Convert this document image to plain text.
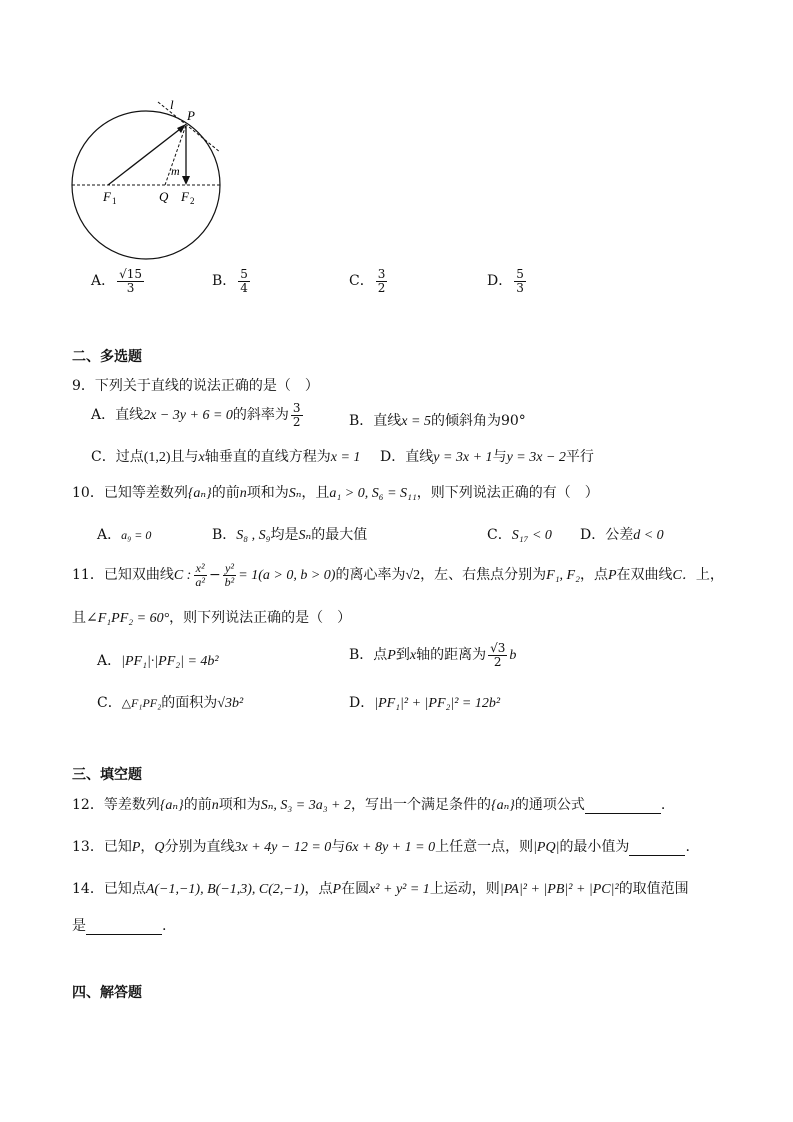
l
P
m
F 1	Q F 2
A． $\frac{√15}{3}$	B． $\frac{5}{4}$	C． $\frac{3}{2}$	D． $\frac{5}{3}$
二、多选题
9．下列关于直线的说法正确的是（　）
A．直线2x − 3y + 6 = 0的斜率为 $\frac{3}{2}$	B．直线x = 5的倾斜角为90°
C．过点(1,2)且与x轴垂直的直线方程为x = 1 D．直线y = 3x + 1与y = 3x − 2平行
10．已知等差数列{aₙ}的前n项和为Sₙ，且a₁ > 0, S₆ = S₁₁，则下列说法正确的有（　）
A．a₉ = 0	B．S₈ , S₉均是Sₙ的最大值	C．S₁₇ < 0 D．公差d < 0
11．已知双曲线C : $\frac{\text{x²}}{\text{a²}} - \frac{\text{y²}}{\text{b²}} = 1(a > 0$, b > 0)的离心率为√2，左、右焦点分别为F₁, F₂，点P在双曲线C．上，
且∠F₁PF₂ = 60°，则下列说法正确的是（　）
A．|PF₁|·|PF₂| = 4b²	B．点P到x轴的距离为 $\frac{√3}{2}$ b
C．△F₁PF₂的面积为√3b²	D．|PF₁|² + |PF₂|² = 12b²
三、填空题
12．等差数列{aₙ}的前n项和为Sₙ, S₃ = 3a₃ + 2，写出一个满足条件的{aₙ}的通项公式	.
13．已知P，Q分别为直线3x + 4y − 12 = 0与6x + 8y + 1 = 0上任意一点，则|PQ|的最小值为	.
14．已知点A(−1,−1), B(−1,3), C(2,−1)，点P在圆x² + y² = 1上运动，则|PA|² + |PB|² + |PC|²的取值范围
是	.
四、解答题
